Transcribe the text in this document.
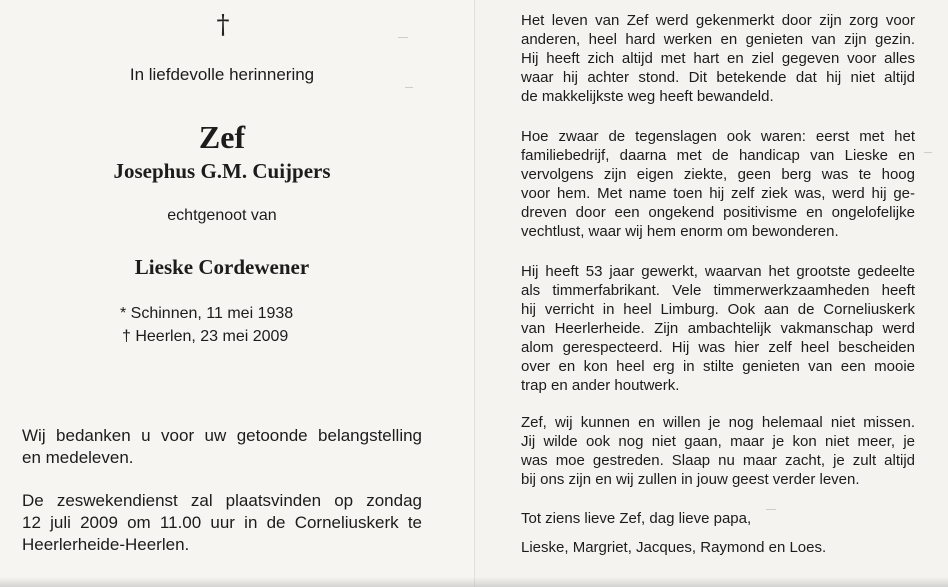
†
In liefdevolle herinnering
Zef
Josephus G.M. Cuijpers
echtgenoot van
Lieske Cordewener
* Schinnen, 11 mei 1938
† Heerlen, 23 mei 2009
Wij bedanken u voor uw getoonde belangstelling
en medeleven.
De zeswekendienst zal plaatsvinden op zondag
12 juli 2009 om 11.00 uur in de Corneliuskerk te
Heerlerheide-Heerlen.
Het leven van Zef werd gekenmerkt door zijn zorg voor
anderen, heel hard werken en genieten van zijn gezin.
Hij heeft zich altijd met hart en ziel gegeven voor alles
waar hij achter stond. Dit betekende dat hij niet altijd
de makkelijkste weg heeft bewandeld.
Hoe zwaar de tegenslagen ook waren: eerst met het
familiebedrijf, daarna met de handicap van Lieske en
vervolgens zijn eigen ziekte, geen berg was te hoog
voor hem. Met name toen hij zelf ziek was, werd hij ge-
dreven door een ongekend positivisme en ongelofelijke
vechtlust, waar wij hem enorm om bewonderen.
Hij heeft 53 jaar gewerkt, waarvan het grootste gedeelte
als timmerfabrikant. Vele timmerwerkzaamheden heeft
hij verricht in heel Limburg. Ook aan de Corneliuskerk
van Heerlerheide. Zijn ambachtelijk vakmanschap werd
alom gerespecteerd. Hij was hier zelf heel bescheiden
over en kon heel erg in stilte genieten van een mooie
trap en ander houtwerk.
Zef, wij kunnen en willen je nog helemaal niet missen.
Jij wilde ook nog niet gaan, maar je kon niet meer, je
was moe gestreden. Slaap nu maar zacht, je zult altijd
bij ons zijn en wij zullen in jouw geest verder leven.
Tot ziens lieve Zef, dag lieve papa,
Lieske, Margriet, Jacques, Raymond en Loes.
